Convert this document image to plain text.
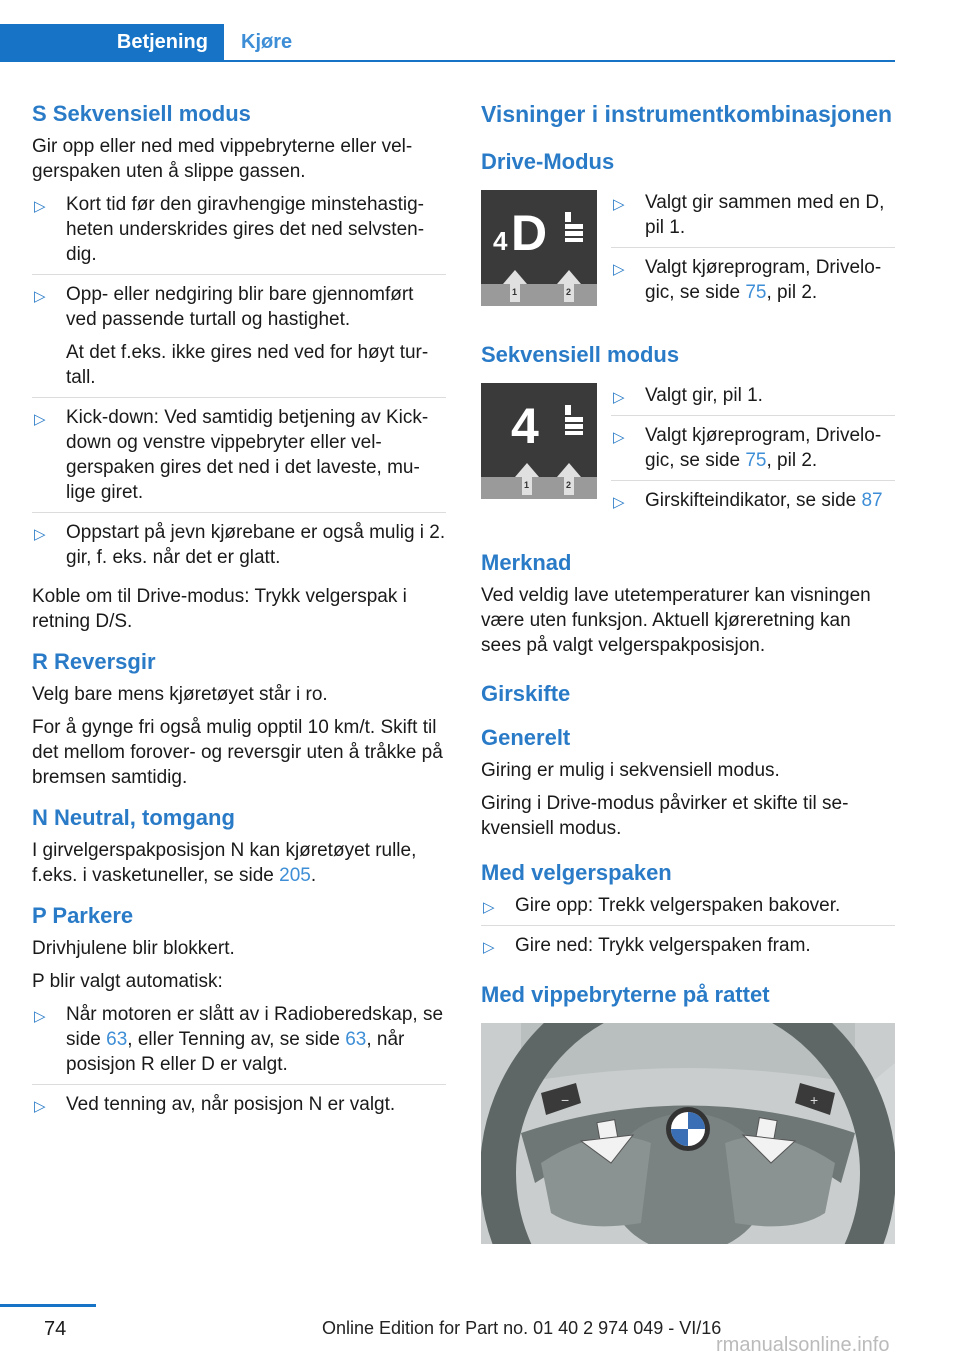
Betjening	Kjøre
S Sekvensiell modus

Gir opp eller ned med vippebryterne eller vel-gerspaken uten å slippe gassen.

▷ Kort tid før den giravhengige minstehastig-heten underskrides gires det ned selvsten-dig.
▷ Opp- eller nedgiring blir bare gjennomført ved passende turtall og hastighet.
At det f.eks. ikke gires ned ved for høyt tur-tall.
▷ Kick-down: Ved samtidig betjening av Kick-down og venstre vippebryter eller vel-gerspaken gires det ned i det laveste, mu-lige giret.
▷ Oppstart på jevn kjørebane er også mulig i 2. gir, f. eks. når det er glatt.

Koble om til Drive-modus: Trykk velgerspak i retning D/S.

R Reversgir

Velg bare mens kjøretøyet står i ro.

For å gynge fri også mulig opptil 10 km/t. Skift til det mellom forover- og reversgir uten å tråkke på bremsen samtidig.

N Neutral, tomgang

I girvelgerspakposisjon N kan kjøretøyet rulle, f.eks. i vasketuneller, se side 205.

P Parkere

Drivhjulene blir blokkert.

P blir valgt automatisk:

▷ Når motoren er slått av i Radioberedskap, se side 63, eller Tenning av, se side 63, når posisjon R eller D er valgt.
▷ Ved tenning av, når posisjon N er valgt.
Visninger i instrumentkombinasjonen
Drive-Modus
4 D
1	2
▷ Valgt gir sammen med en D, pil 1.
▷ Valgt kjøreprogram, Drivelo-gic, se side 75, pil 2.
Sekvensiell modus
4
1	2
▷ Valgt gir, pil 1.
▷ Valgt kjøreprogram, Drivelo-gic, se side 75, pil 2.
▷ Girskifteindikator, se side 87
Merknad

Ved veldig lave utetemperaturer kan visningen være uten funksjon. Aktuell kjøreretning kan sees på valgt velgerspakposisjon.

Girskifte
Generelt

Giring er mulig i sekvensiell modus.

Giring i Drive-modus påvirker et skifte til se-kvensiell modus.

Med velgerspaken
▷ Gire opp: Trekk velgerspaken bakover.
▷ Gire ned: Trykk velgerspaken fram.
Med vippebryterne på rattet
−	+
74	Online Edition for Part no. 01 40 2 974 049 - VI/16
rmanualsonline.info
